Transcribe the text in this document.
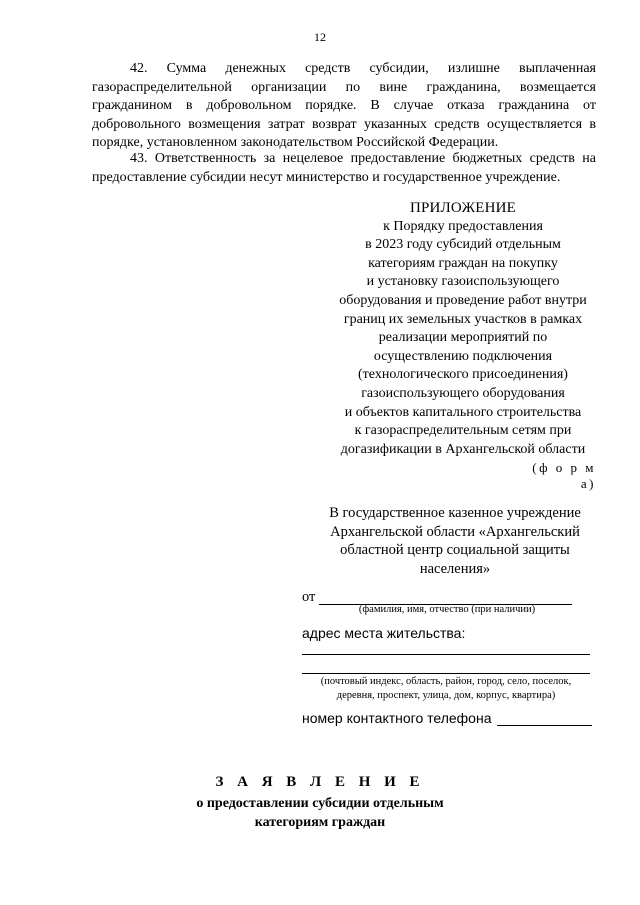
12

42. Сумма денежных средств субсидии, излишне выплаченная газораспределительной организации по вине гражданина, возмещается гражданином в добровольном порядке. В случае отказа гражданина от добровольного возмещения затрат возврат указанных средств осуществляется в порядке, установленном законодательством Российской Федерации.

43. Ответственность за нецелевое предоставление бюджетных средств на предоставление субсидии несут министерство и государственное учреждение.

ПРИЛОЖЕНИЕ
к Порядку предоставления
в 2023 году субсидий отдельным
категориям граждан на покупку
и установку газоиспользующего
оборудования и проведение работ внутри
границ их земельных участков в рамках
реализации мероприятий по
осуществлению подключения
(технологического присоединения)
газоиспользующего оборудования
и объектов капитального строительства
к газораспределительным сетям при
догазификации в Архангельской области
(ф о р м а)
В государственное казенное учреждение
Архангельской области «Архангельский
областной центр социальной защиты
населения»
от
(фамилия, имя, отчество (при наличии)
адрес места жительства:
(почтовый индекс, область, район, город, село, поселок,
деревня, проспект, улица, дом, корпус, квартира)
номер контактного телефона
З А Я В Л Е Н И Е
о предоставлении субсидии отдельным
категориям граждан
